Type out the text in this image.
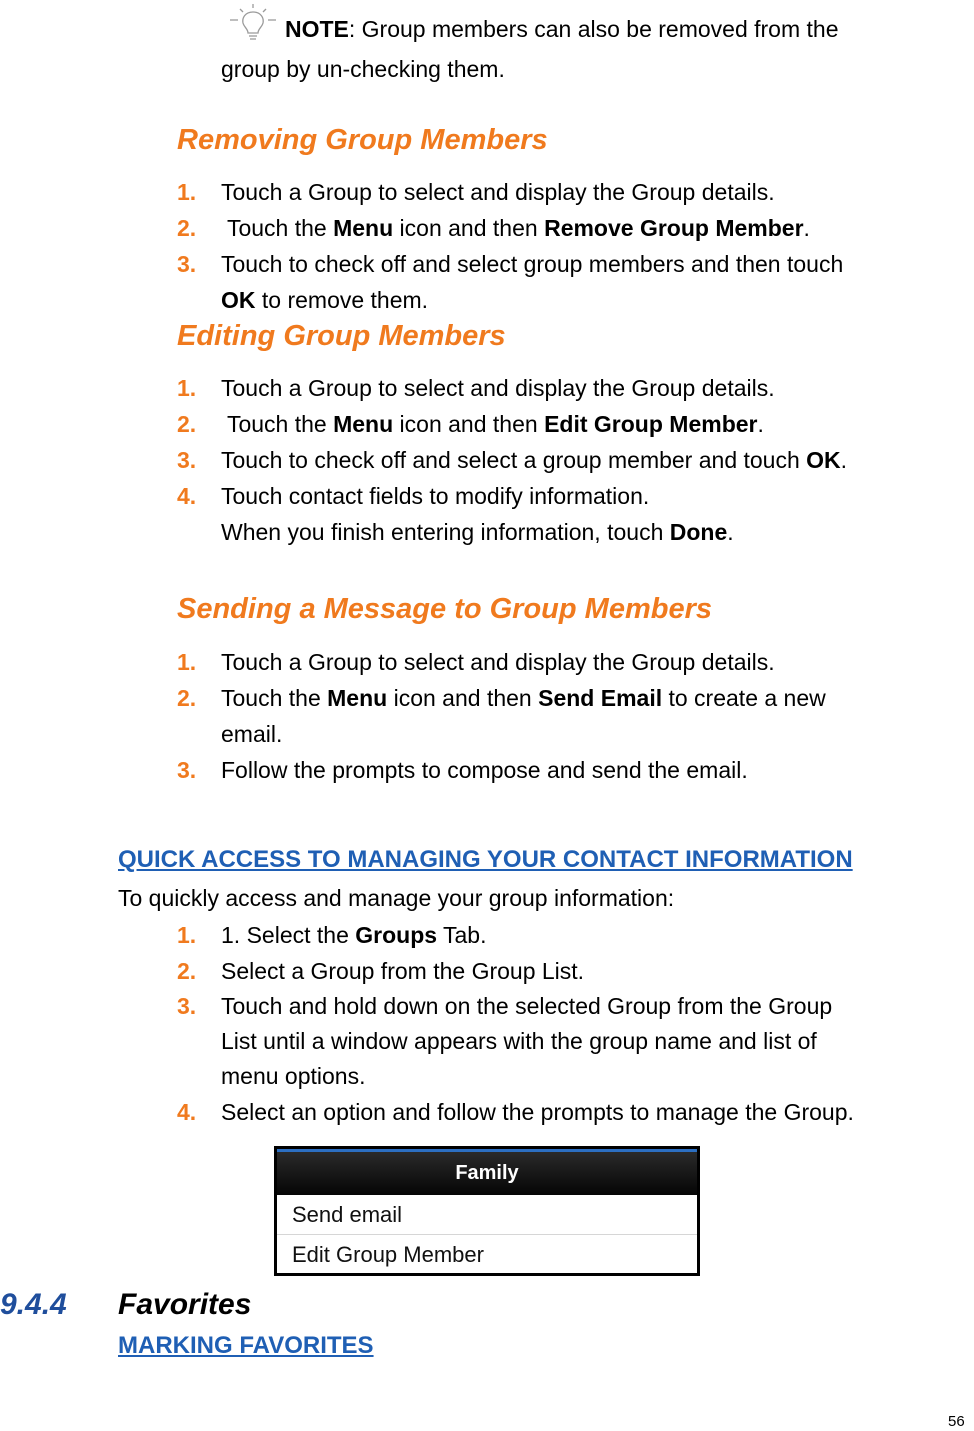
NOTE: Group members can also be removed from the
group by un-checking them.
Removing Group Members
1. Touch a Group to select and display the Group details.
2. Touch the Menu icon and then Remove Group Member.
3. Touch to check off and select group members and then touch
OK to remove them.
Editing Group Members
1. Touch a Group to select and display the Group details.
2. Touch the Menu icon and then Edit Group Member.
3. Touch to check off and select a group member and touch OK.
4. Touch contact fields to modify information.
When you finish entering information, touch Done.
Sending a Message to Group Members
1. Touch a Group to select and display the Group details.
2. Touch the Menu icon and then Send Email to create a new
email.
3. Follow the prompts to compose and send the email.
QUICK ACCESS TO MANAGING YOUR CONTACT INFORMATION
To quickly access and manage your group information:
1. 1. Select the Groups Tab.
2. Select a Group from the Group List.
3. Touch and hold down on the selected Group from the Group
List until a window appears with the group name and list of
menu options.
4. Select an option and follow the prompts to manage the Group.
Family
Send email
Edit Group Member
9.4.4 Favorites
MARKING FAVORITES
56
